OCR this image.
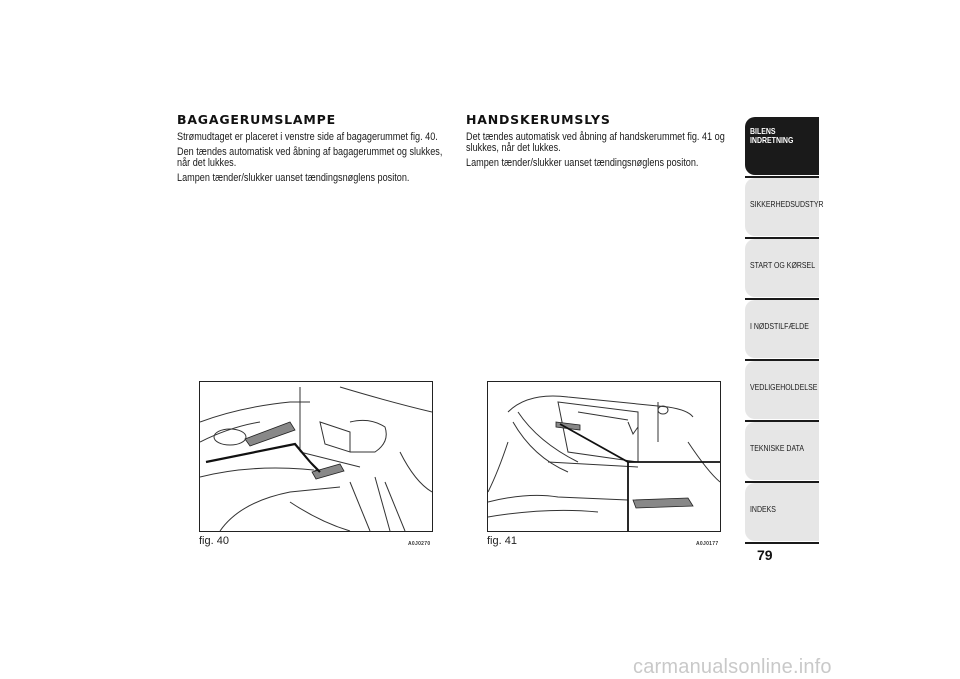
BAGAGERUMSLAMPE

Strømudtaget er placeret i venstre side af bagagerummet fig. 40.

Den tændes automatisk ved åbning af bagagerummet og slukkes, når det lukkes.

Lampen tænder/slukker uanset tændingsnøglens positon.

HANDSKERUMSLYS

Det tændes automatisk ved åbning af handskerummet fig. 41 og slukkes, når det lukkes.

Lampen tænder/slukker uanset tændingsnøglens positon.

fig. 40	A0J0270	fig. 41	A0J0177
BILENS INDRETNING
SIKKERHEDSUDSTYR
START OG KØRSEL
I NØDSTILFÆLDE
VEDLIGEHOLDELSE
TEKNISKE DATA
INDEKS
79
carmanualsonline.info
